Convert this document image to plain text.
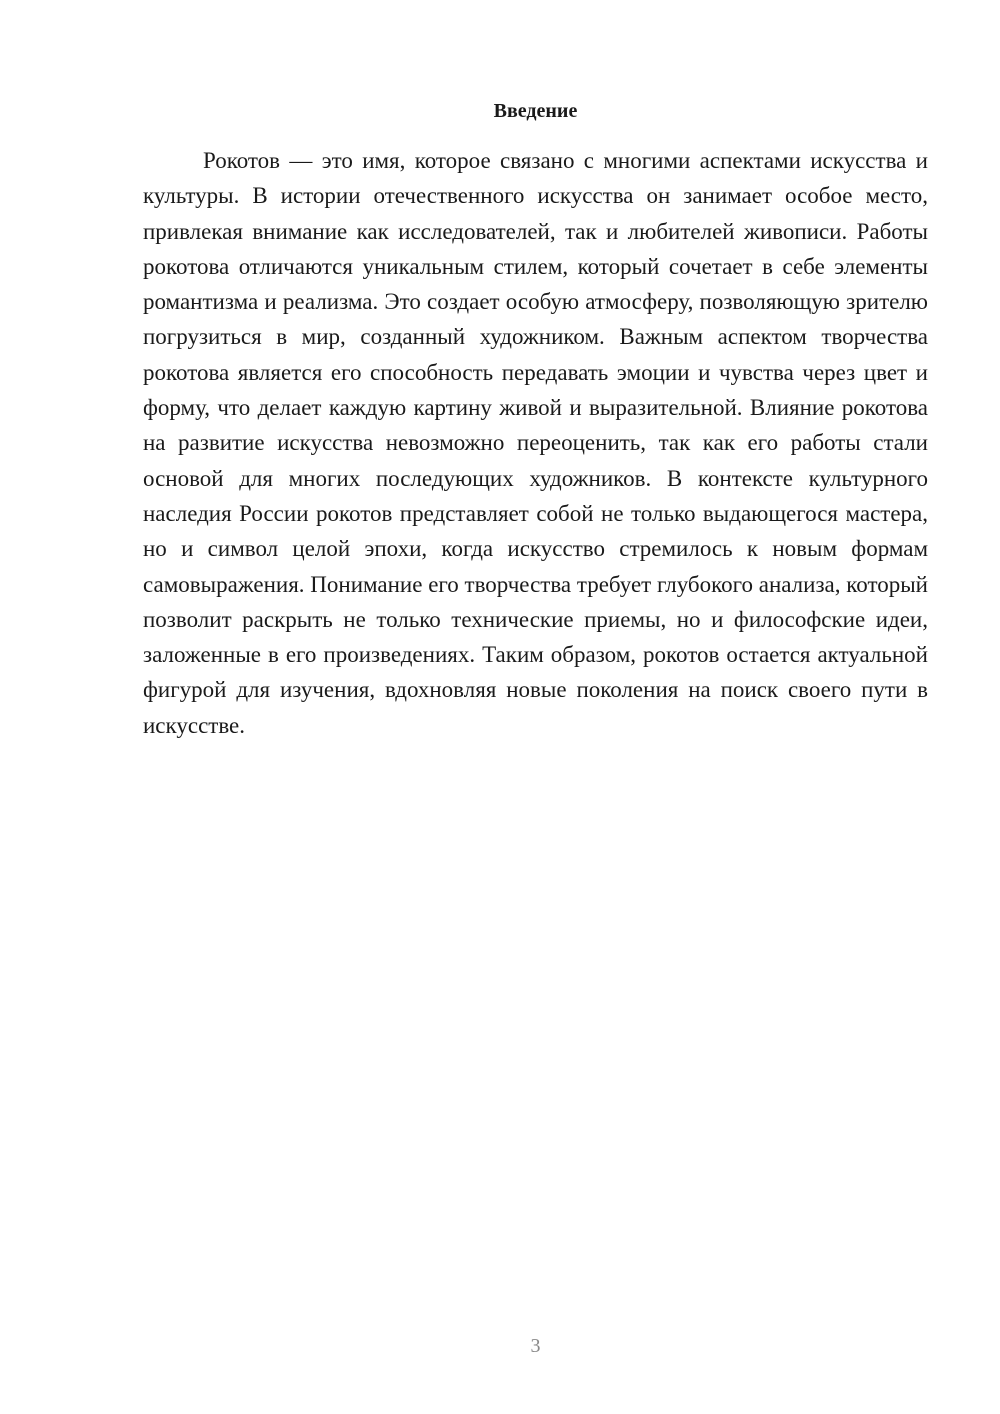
Введение

Рокотов — это имя, которое связано с многими аспектами искусства и культуры. В истории отечественного искусства он занимает особое место, привлекая внимание как исследователей, так и любителей живописи. Работы рокотова отличаются уникальным стилем, который сочетает в себе элементы романтизма и реализма. Это создает особую атмосферу, позволяющую зрителю погрузиться в мир, созданный художником. Важным аспектом творчества рокотова является его способность передавать эмоции и чувства через цвет и форму, что делает каждую картину живой и выразительной. Влияние рокотова на развитие искусства невозможно переоценить, так как его работы стали основой для многих последующих художников. В контексте культурного наследия России рокотов представляет собой не только выдающегося мастера, но и символ целой эпохи, когда искусство стремилось к новым формам самовыражения. Понимание его творчества требует глубокого анализа, который позволит раскрыть не только технические приемы, но и философские идеи, заложенные в его произведениях. Таким образом, рокотов остается актуальной фигурой для изучения, вдохновляя новые поколения на поиск своего пути в искусстве.

3
